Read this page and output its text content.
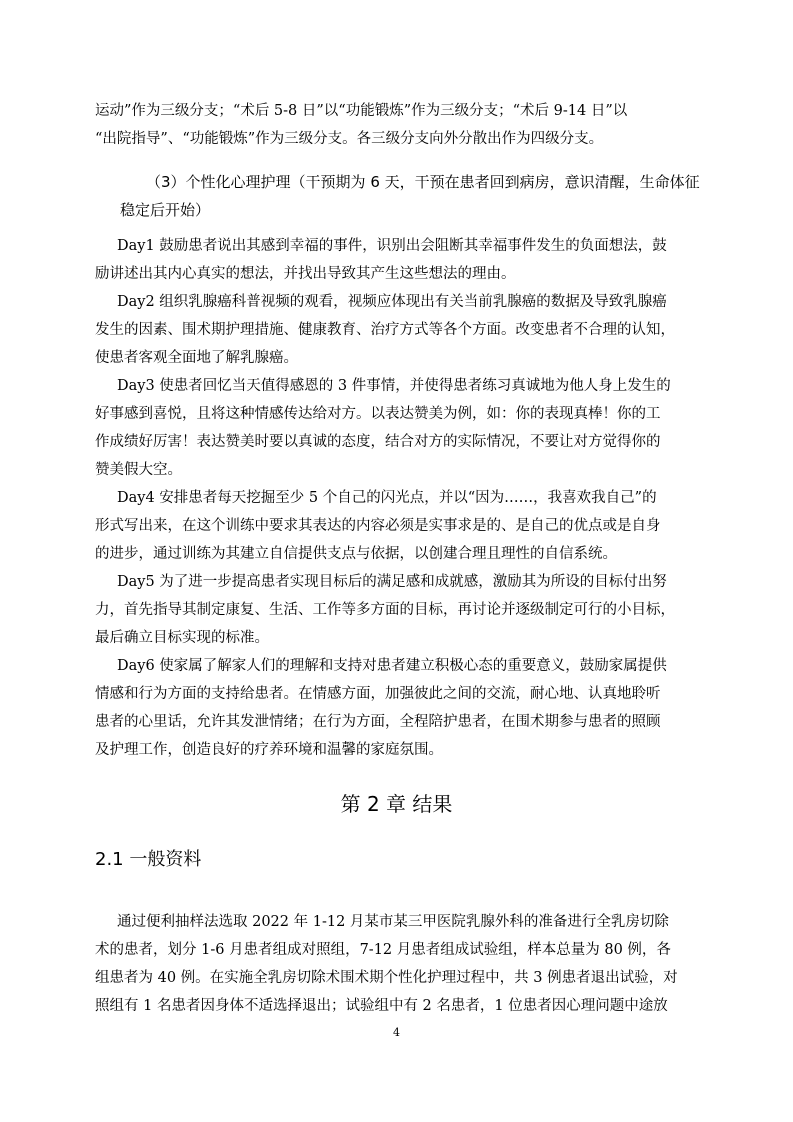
运动”作为三级分支；“术后 5-8 日”以“功能锻炼”作为三级分支；“术后 9-14 日”以
“出院指导”、“功能锻炼”作为三级分支。各三级分支向外分散出作为四级分支。
（3）个性化心理护理（干预期为 6 天，干预在患者回到病房，意识清醒，生命体征
稳定后开始）
Day1 鼓励患者说出其感到幸福的事件，识别出会阻断其幸福事件发生的负面想法，鼓
励讲述出其内心真实的想法，并找出导致其产生这些想法的理由。
Day2 组织乳腺癌科普视频的观看，视频应体现出有关当前乳腺癌的数据及导致乳腺癌
发生的因素、围术期护理措施、健康教育、治疗方式等各个方面。改变患者不合理的认知，
使患者客观全面地了解乳腺癌。
Day3 使患者回忆当天值得感恩的 3 件事情，并使得患者练习真诚地为他人身上发生的
好事感到喜悦，且将这种情感传达给对方。以表达赞美为例，如：你的表现真棒！你的工
作成绩好厉害！表达赞美时要以真诚的态度，结合对方的实际情况，不要让对方觉得你的
赞美假大空。
Day4 安排患者每天挖掘至少 5 个自己的闪光点，并以“因为……，我喜欢我自己”的
形式写出来，在这个训练中要求其表达的内容必须是实事求是的、是自己的优点或是自身
的进步，通过训练为其建立自信提供支点与依据，以创建合理且理性的自信系统。
Day5 为了进一步提高患者实现目标后的满足感和成就感，激励其为所设的目标付出努
力，首先指导其制定康复、生活、工作等多方面的目标，再讨论并逐级制定可行的小目标，
最后确立目标实现的标准。
Day6 使家属了解家人们的理解和支持对患者建立积极心态的重要意义，鼓励家属提供
情感和行为方面的支持给患者。在情感方面，加强彼此之间的交流，耐心地、认真地聆听
患者的心里话，允许其发泄情绪；在行为方面，全程陪护患者，在围术期参与患者的照顾
及护理工作，创造良好的疗养环境和温馨的家庭氛围。
第 2 章 结果
2.1 一般资料
通过便利抽样法选取 2022 年 1-12 月某市某三甲医院乳腺外科的准备进行全乳房切除
术的患者，划分 1-6 月患者组成对照组，7-12 月患者组成试验组，样本总量为 80 例，各
组患者为 40 例。在实施全乳房切除术围术期个性化护理过程中，共 3 例患者退出试验，对
照组有 1 名患者因身体不适选择退出；试验组中有 2 名患者，1 位患者因心理问题中途放
4
